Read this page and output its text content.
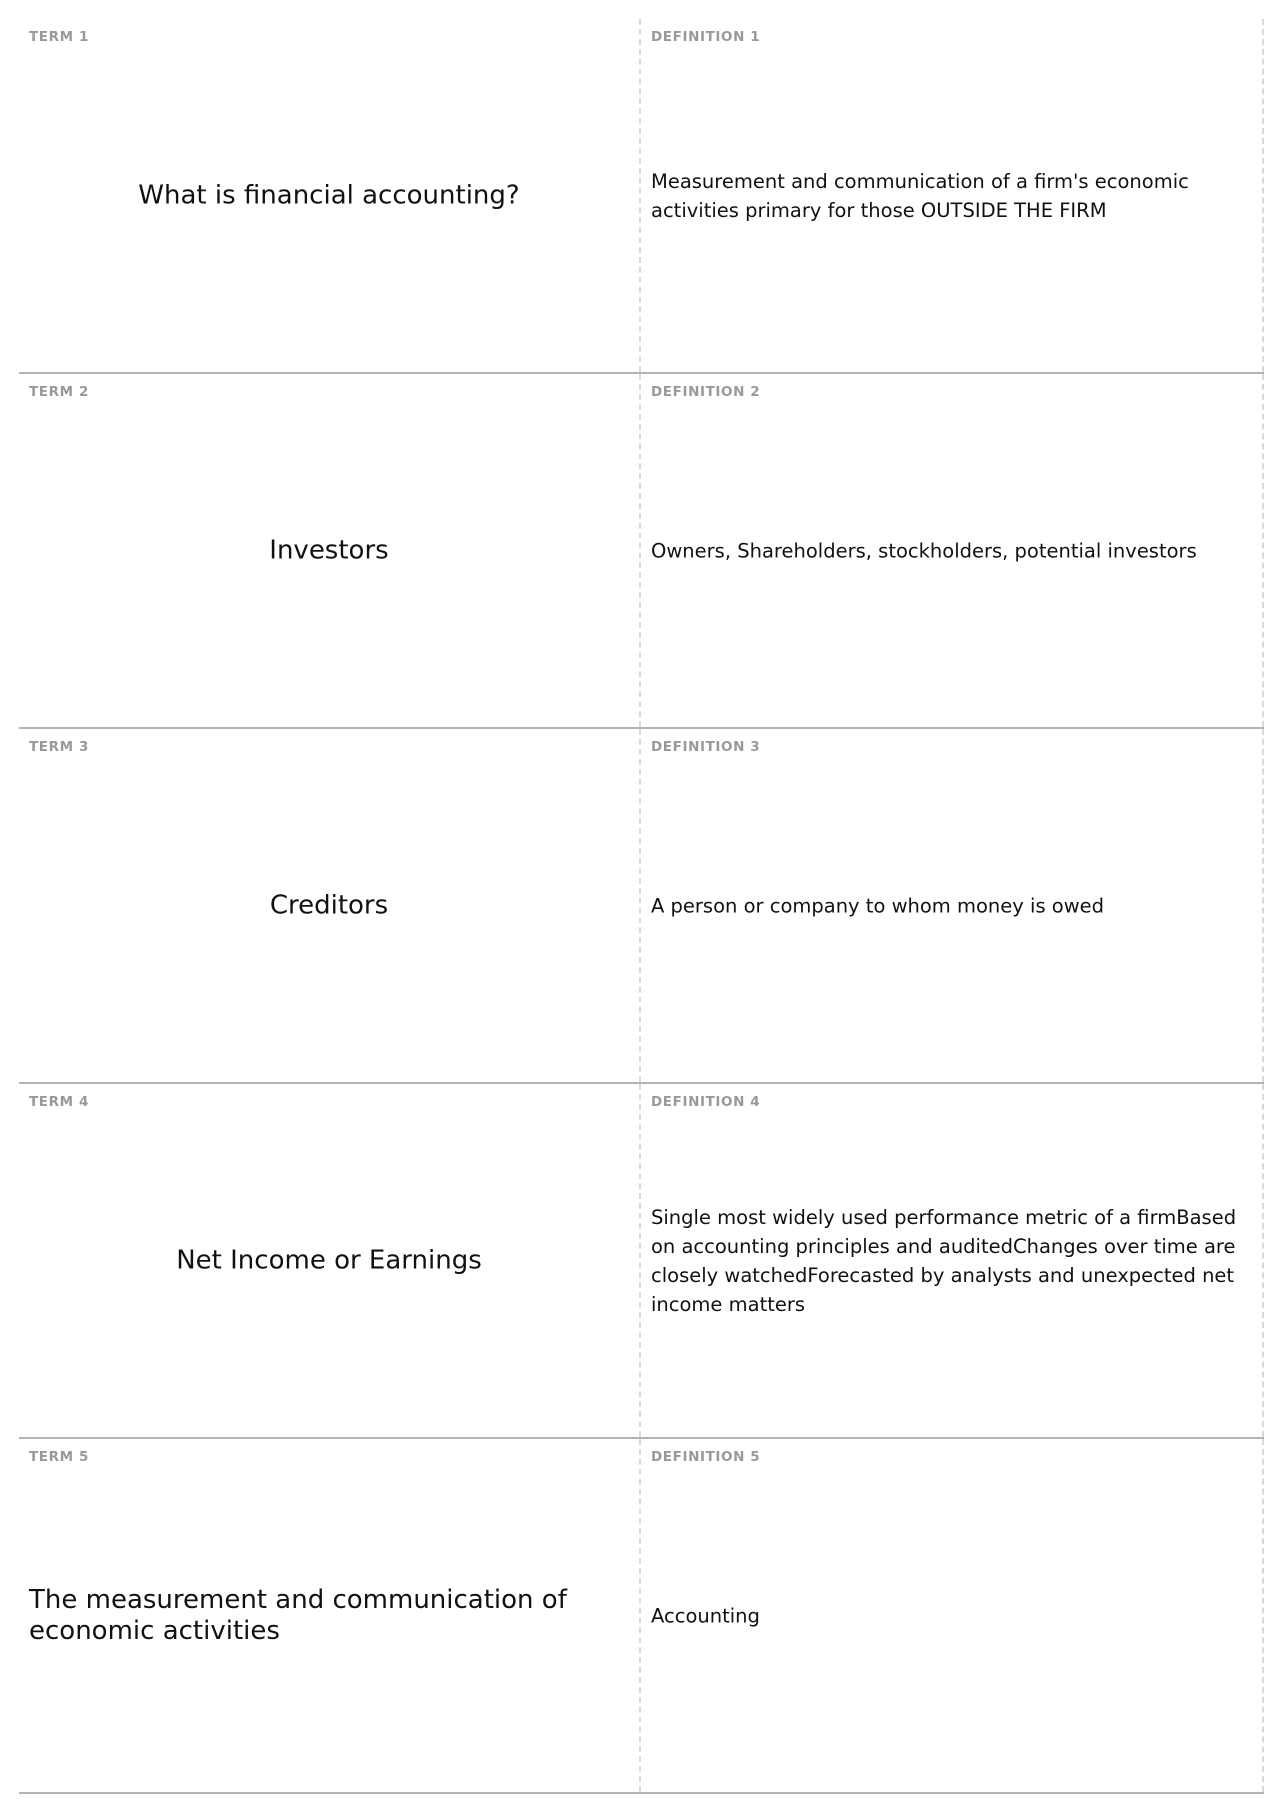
TERM 1
What is financial accounting?
DEFINITION 1
Measurement and communication of a firm's economic activities primary for those OUTSIDE THE FIRM
TERM 2
Investors
DEFINITION 2
Owners, Shareholders, stockholders, potential investors
TERM 3
Creditors
DEFINITION 3
A person or company to whom money is owed
TERM 4
Net Income or Earnings
DEFINITION 4
Single most widely used performance metric of a firmBased on accounting principles and auditedChanges over time are closely watchedForecasted by analysts and unexpected net income matters
TERM 5
The measurement and communication of economic activities
DEFINITION 5
Accounting
